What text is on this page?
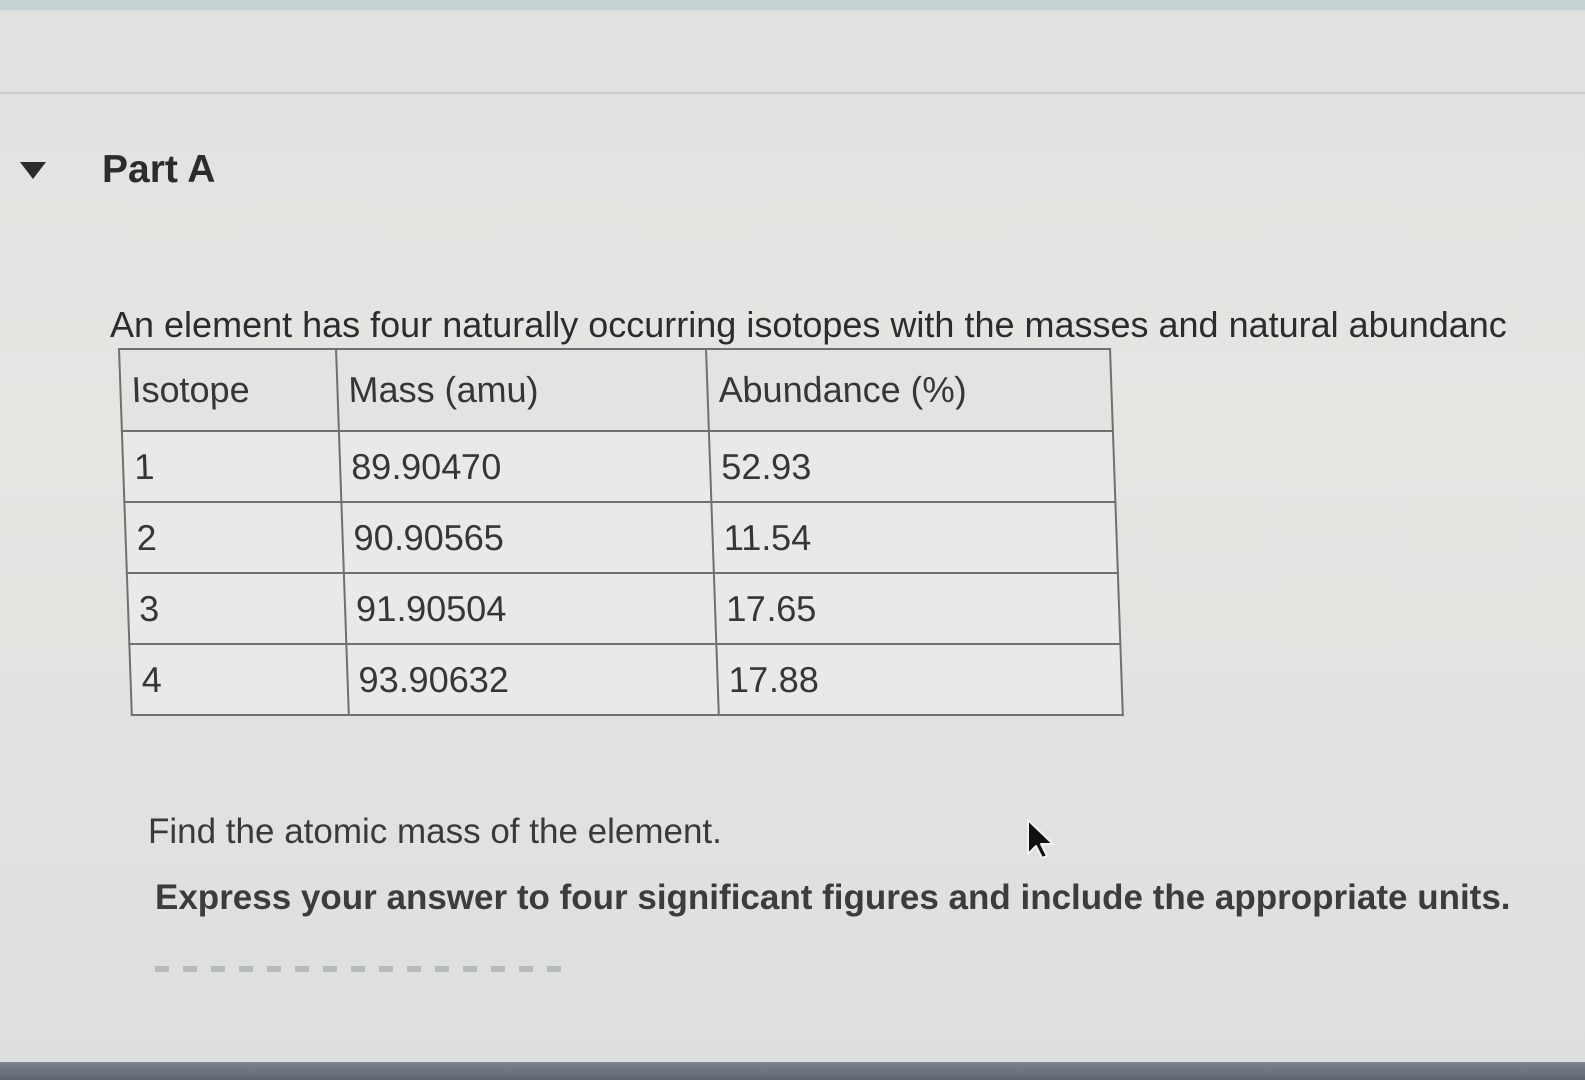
Part A
An element has four naturally occurring isotopes with the masses and natural abundanc
Isotope	Mass (amu)	Abundance (%)
1	89.90470	52.93
2	90.90565	11.54
3	91.90504	17.65
4	93.90632	17.88
Find the atomic mass of the element.
Express your answer to four significant figures and include the appropriate units.
